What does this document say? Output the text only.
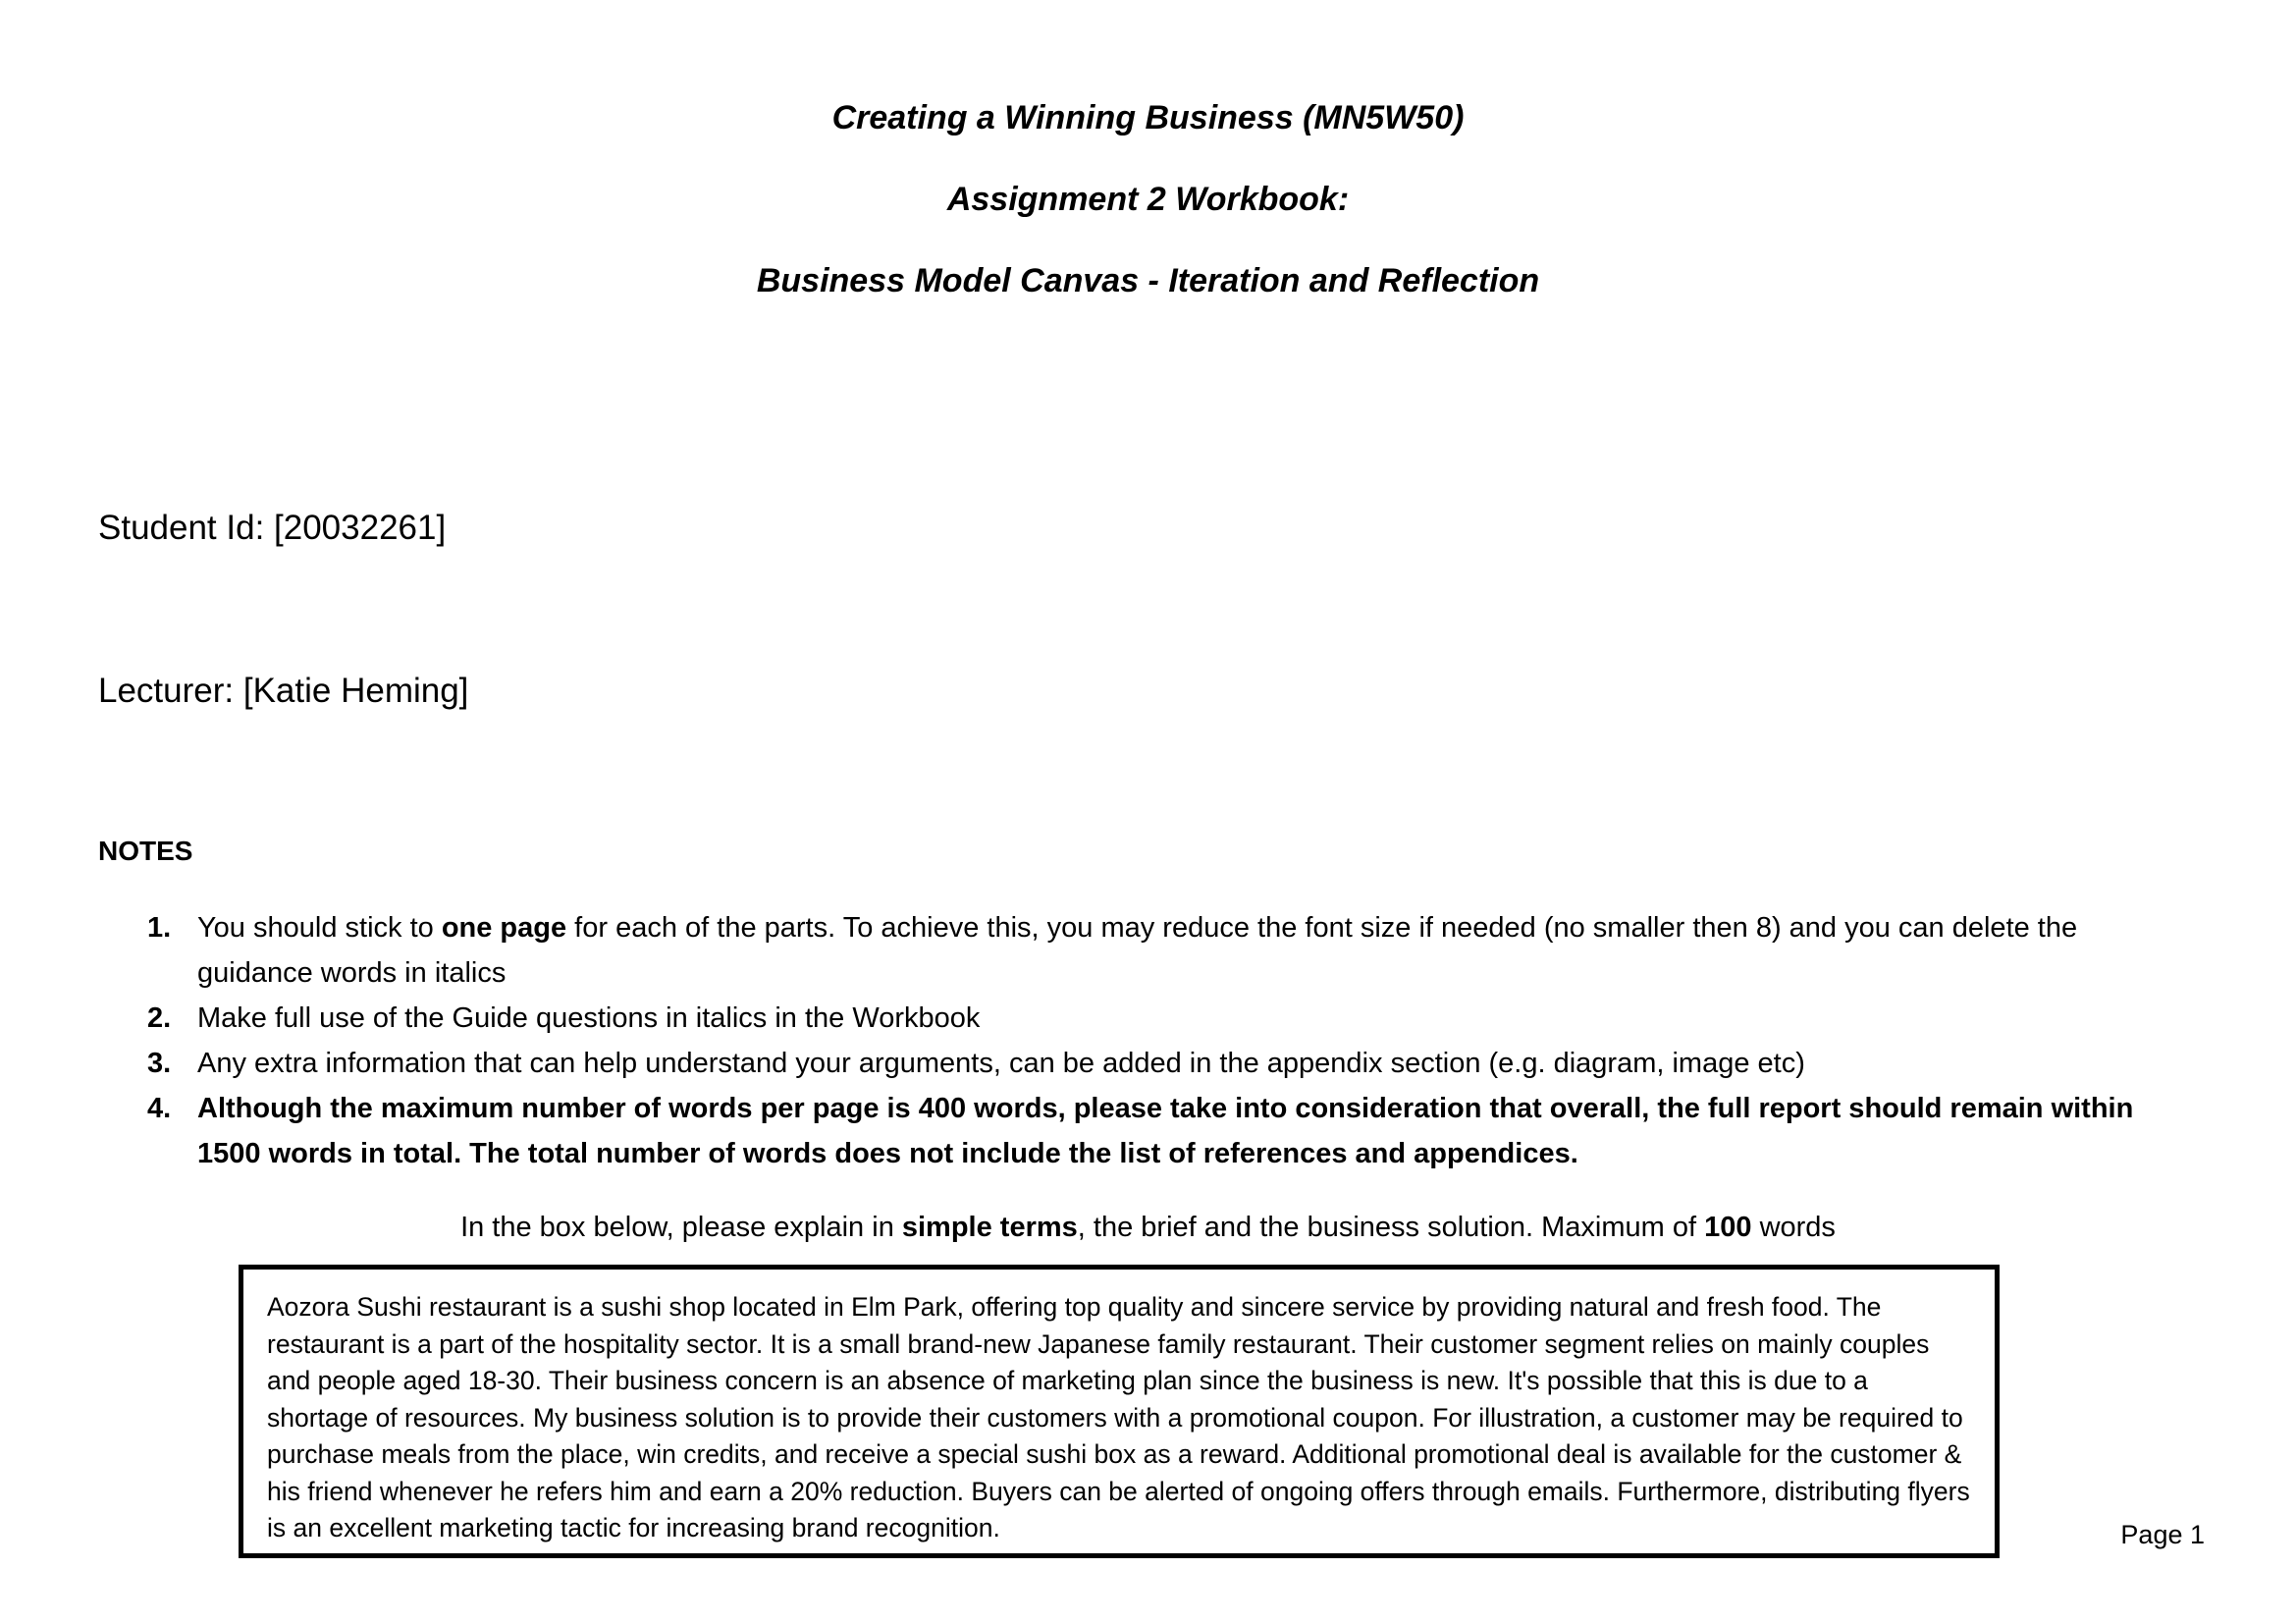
Creating a Winning Business (MN5W50)
Assignment 2 Workbook:
Business Model Canvas - Iteration and Reflection
Student Id: [20032261]
Lecturer: [Katie Heming]
NOTES
1. You should stick to one page for each of the parts. To achieve this, you may reduce the font size if needed (no smaller then 8) and you can delete the guidance words in italics
2. Make full use of the Guide questions in italics in the Workbook
3. Any extra information that can help understand your arguments, can be added in the appendix section (e.g. diagram, image etc)
4. Although the maximum number of words per page is 400 words, please take into consideration that overall, the full report should remain within 1500 words in total. The total number of words does not include the list of references and appendices.
In the box below, please explain in simple terms, the brief and the business solution. Maximum of 100 words
Aozora Sushi restaurant is a sushi shop located in Elm Park, offering top quality and sincere service by providing natural and fresh food. The restaurant is a part of the hospitality sector. It is a small brand-new Japanese family restaurant. Their customer segment relies on mainly couples and people aged 18-30. Their business concern is an absence of marketing plan since the business is new. It's possible that this is due to a shortage of resources. My business solution is to provide their customers with a promotional coupon. For illustration, a customer may be required to purchase meals from the place, win credits, and receive a special sushi box as a reward. Additional promotional deal is available for the customer & his friend whenever he refers him and earn a 20% reduction. Buyers can be alerted of ongoing offers through emails. Furthermore, distributing flyers is an excellent marketing tactic for increasing brand recognition.	Page 1
